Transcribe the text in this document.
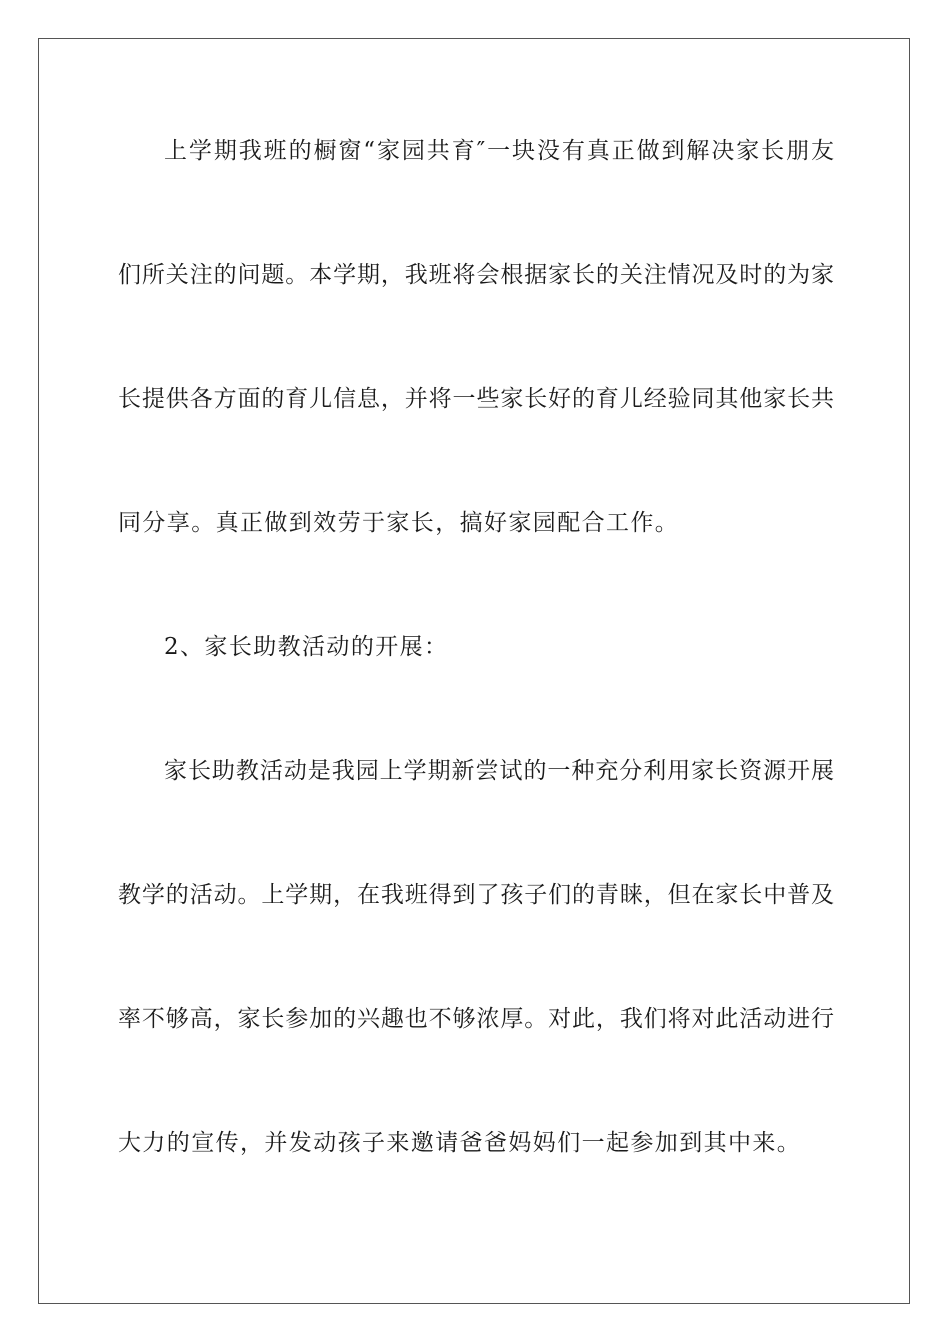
上学期我班的橱窗“家园共育″一块没有真正做到解决家长朋友
们所关注的问题。本学期，我班将会根据家长的关注情况及时的为家
长提供各方面的育儿信息，并将一些家长好的育儿经验同其他家长共
同分享。真正做到效劳于家长，搞好家园配合工作。
2、家长助教活动的开展：
家长助教活动是我园上学期新尝试的一种充分利用家长资源开展
教学的活动。上学期，在我班得到了孩子们的青睐，但在家长中普及
率不够高，家长参加的兴趣也不够浓厚。对此，我们将对此活动进行
大力的宣传，并发动孩子来邀请爸爸妈妈们一起参加到其中来。
